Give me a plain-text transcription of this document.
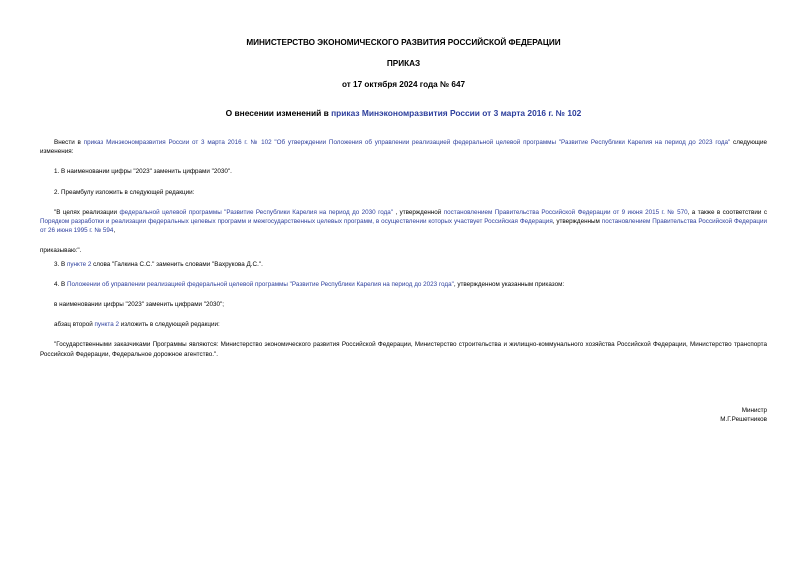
МИНИСТЕРСТВО ЭКОНОМИЧЕСКОГО РАЗВИТИЯ РОССИЙСКОЙ ФЕДЕРАЦИИ
ПРИКАЗ
от 17 октября 2024 года № 647
О внесении изменений в приказ Минэкономразвития России от 3 марта 2016 г. № 102

Внести в приказ Минэкономразвития России от 3 марта 2016 г. № 102 "Об утверждении Положения об управлении реализацией федеральной целевой программы "Развитие Республики Карелия на период до 2023 года" следующие изменения:

1. В наименовании цифры "2023" заменить цифрами "2030".

2. Преамбулу изложить в следующей редакции:

"В целях реализации федеральной целевой программы "Развитие Республики Карелия на период до 2030 года" , утвержденной постановлением Правительства Российской Федерации от 9 июня 2015 г. № 570, а также в соответствии с Порядком разработки и реализации федеральных целевых программ и межгосударственных целевых программ, в осуществлении которых участвует Российская Федерация, утвержденным постановлением Правительства Российской Федерации от 26 июня 1995 г. № 594,

приказываю:".

3. В пункте 2 слова "Галкина С.С." заменить словами "Вахрукова Д.С.".

4. В Положении об управлении реализацией федеральной целевой программы "Развитие Республики Карелия на период до 2023 года", утвержденном указанным приказом:

в наименовании цифры "2023" заменить цифрами "2030";

абзац второй пункта 2 изложить в следующей редакции:

"Государственными заказчиками Программы являются: Министерство экономического развития Российской Федерации, Министерство строительства и жилищно-коммунального хозяйства Российской Федерации, Министерство транспорта Российской Федерации, Федеральное дорожное агентство.".

Министр
М.Г.Решетников
